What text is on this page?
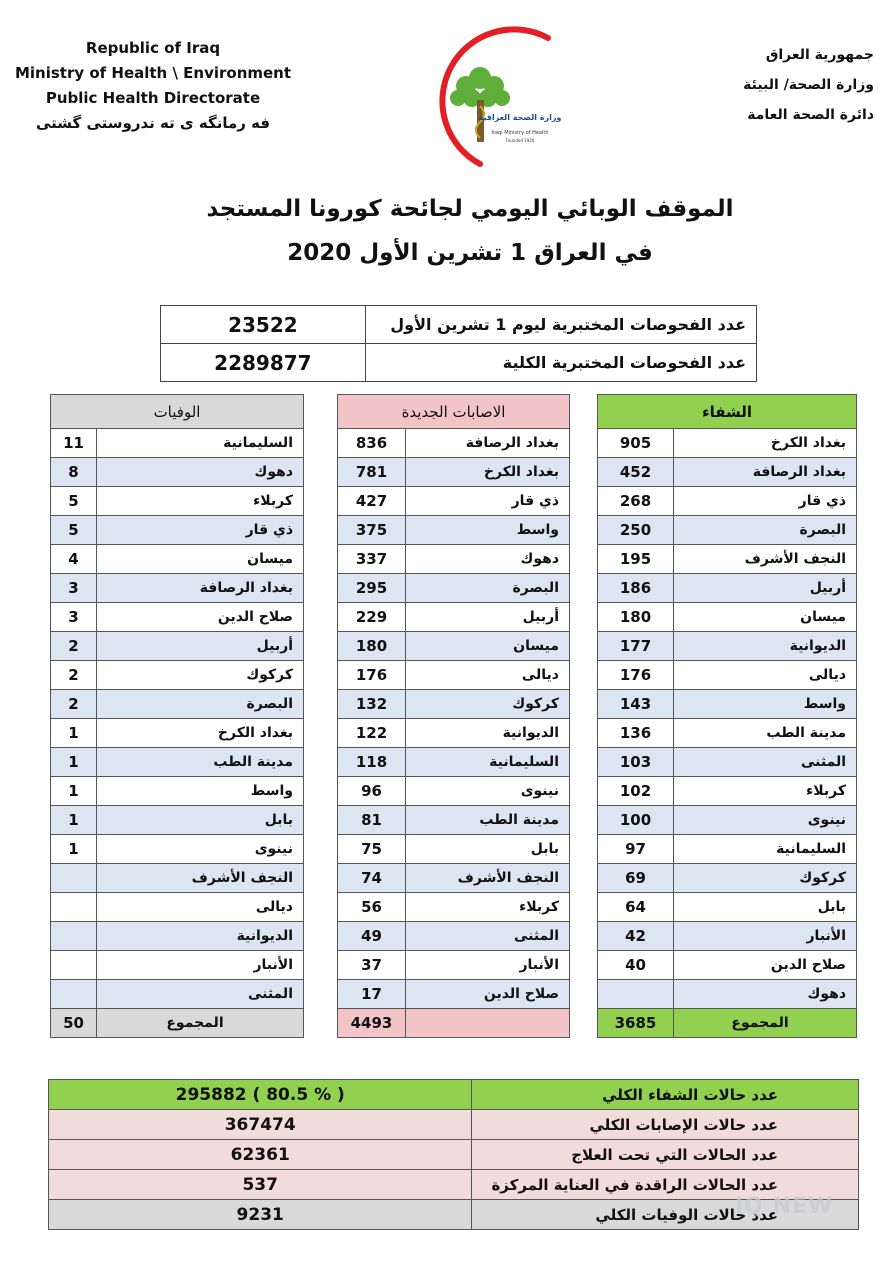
Republic of Iraq
Ministry of Health \ Environment
Public Health Directorate
فه رمانگه ی ته ندروستی گشتی	وزارة الصحة العراقية
Iraqi Ministry of Health
Founded 1920
جمهورية العراق
وزارة الصحة/ البيئة
دائرة الصحة العامة
الموقف الوبائي اليومي لجائحة كورونا المستجد
في العراق 1 تشرين الأول 2020
عدد الفحوصات المختبرية ليوم 1 تشرين الأول	23522
عدد الفحوصات المختبرية الكلية	2289877
الشفاء	
بغداد الكرخ	905
بغداد الرصافة	452
ذي قار	268
البصرة	250
النجف الأشرف	195
أربيل	186
ميسان	180
الديوانية	177
ديالى	176
واسط	143
مدينة الطب	136
المثنى	103
كربلاء	102
نينوى	100
السليمانية	97
كركوك	69
بابل	64
الأنبار	42
صلاح الدين	40
دهوك	
المجموع	3685
الاصابات الجديدة	
بغداد الرصافة	836
بغداد الكرخ	781
ذي قار	427
واسط	375
دهوك	337
البصرة	295
أربيل	229
ميسان	180
ديالى	176
كركوك	132
الديوانية	122
السليمانية	118
نينوى	96
مدينة الطب	81
بابل	75
النجف الأشرف	74
كربلاء	56
المثنى	49
الأنبار	37
صلاح الدين	17
	4493
الوفيات	
السليمانية	11
دهوك	8
كربلاء	5
ذي قار	5
ميسان	4
بغداد الرصافة	3
صلاح الدين	3
أربيل	2
كركوك	2
البصرة	2
بغداد الكرخ	1
مدينة الطب	1
واسط	1
بابل	1
نينوى	1
النجف الأشرف	
ديالى	
الديوانية	
الأنبار	
المثنى	
المجموع	50
عدد حالات الشفاء الكلي	295882 ( 80.5 % )
عدد حالات الإصابات الكلي	367474
عدد الحالات التي تحت العلاج	62361
عدد الحالات الراقدة في العناية المركزة	537
عدد حالات الوفيات الكلي	9231	IQ NEW
